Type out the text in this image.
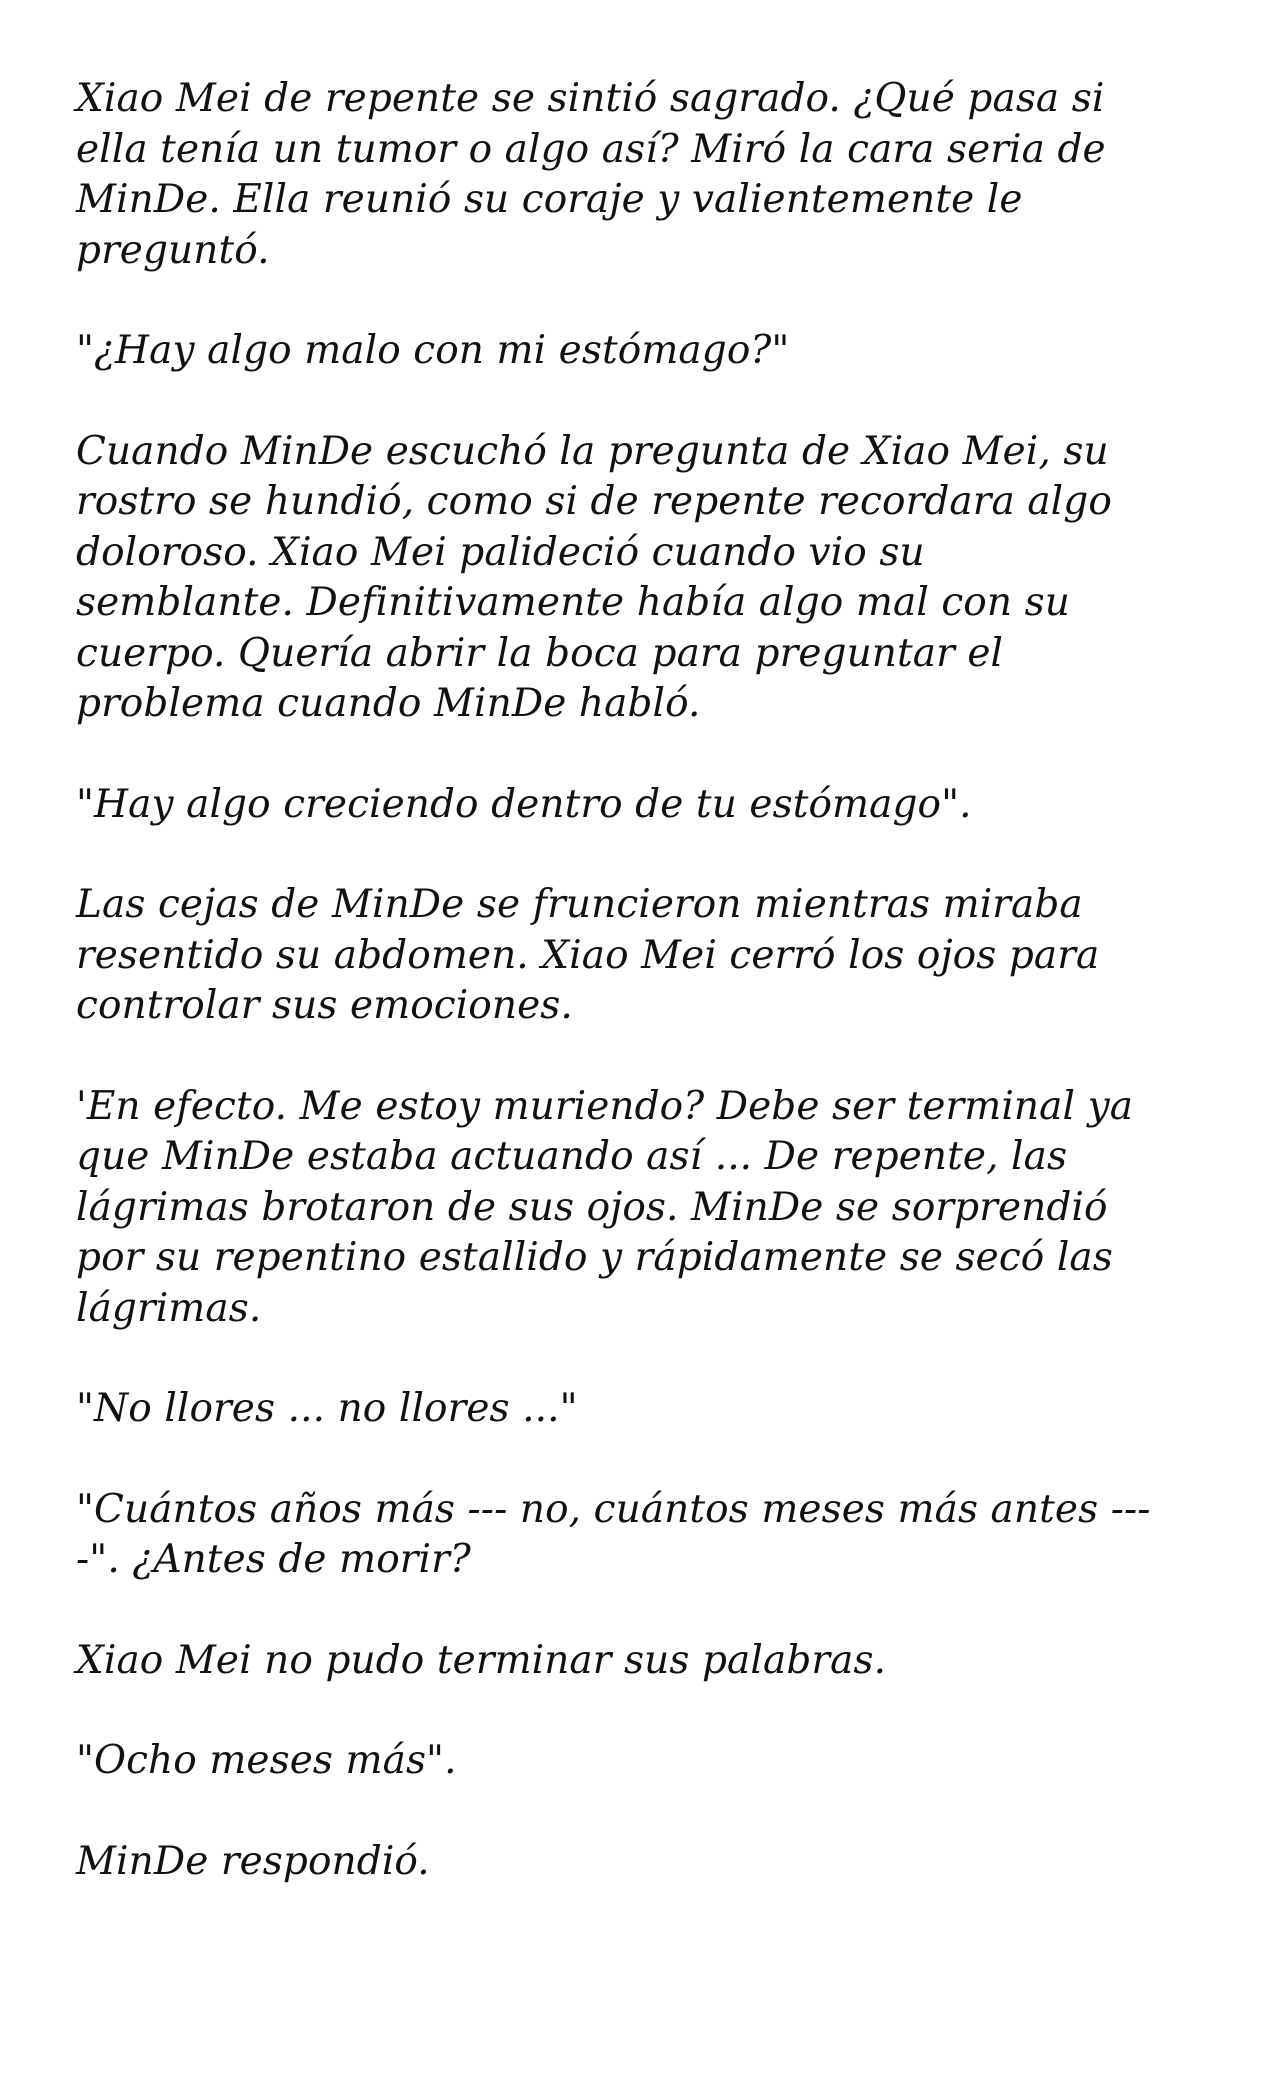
Xiao Mei de repente se sintió sagrado. ¿Qué pasa si
ella tenía un tumor o algo así? Miró la cara seria de
MinDe. Ella reunió su coraje y valientemente le
preguntó.

"¿Hay algo malo con mi estómago?"

Cuando MinDe escuchó la pregunta de Xiao Mei, su
rostro se hundió, como si de repente recordara algo
doloroso. Xiao Mei palideció cuando vio su
semblante. Definitivamente había algo mal con su
cuerpo. Quería abrir la boca para preguntar el
problema cuando MinDe habló.

"Hay algo creciendo dentro de tu estómago".

Las cejas de MinDe se fruncieron mientras miraba
resentido su abdomen. Xiao Mei cerró los ojos para
controlar sus emociones.

'En efecto. Me estoy muriendo? Debe ser terminal ya
que MinDe estaba actuando así ... De repente, las
lágrimas brotaron de sus ojos. MinDe se sorprendió
por su repentino estallido y rápidamente se secó las
lágrimas.

"No llores ... no llores ..."

"Cuántos años más --- no, cuántos meses más antes ---
-". ¿Antes de morir?

Xiao Mei no pudo terminar sus palabras.

"Ocho meses más".

MinDe respondió.
